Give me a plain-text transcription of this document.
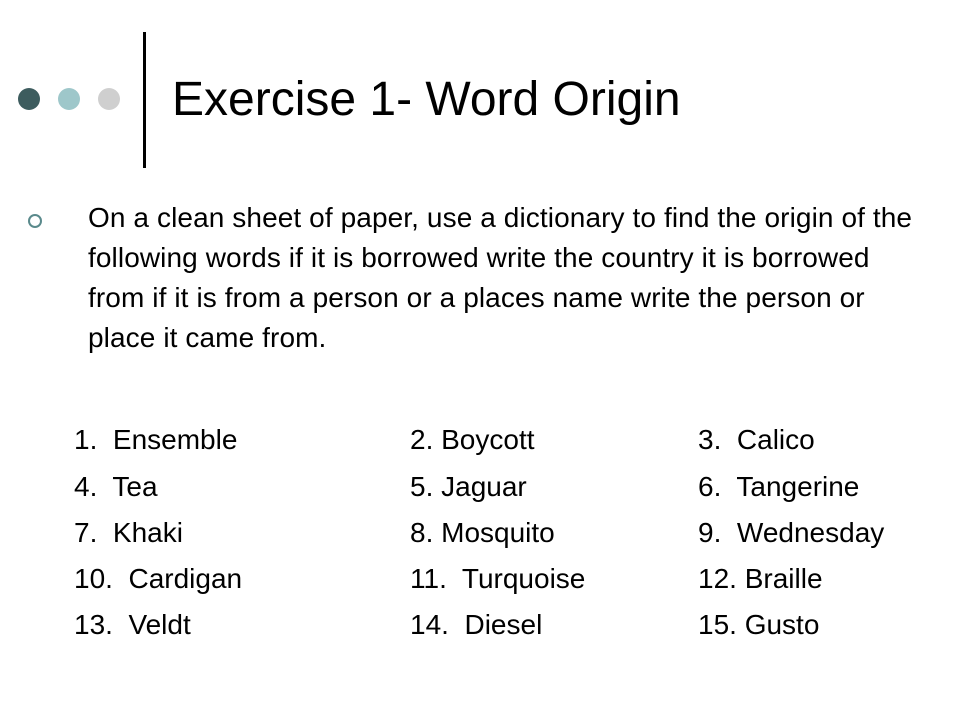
Exercise 1- Word Origin
On a clean sheet of paper, use a dictionary to find the origin of the following words if it is borrowed write the country it is borrowed from if it is from a person or a places name write the person or place it came from.
1.  Ensemble	2. Boycott	3.  Calico
4.  Tea	5. Jaguar	6.  Tangerine
7.  Khaki	8. Mosquito	9.  Wednesday
10.  Cardigan	11.  Turquoise	12. Braille
13.  Veldt	14.  Diesel	15. Gusto
